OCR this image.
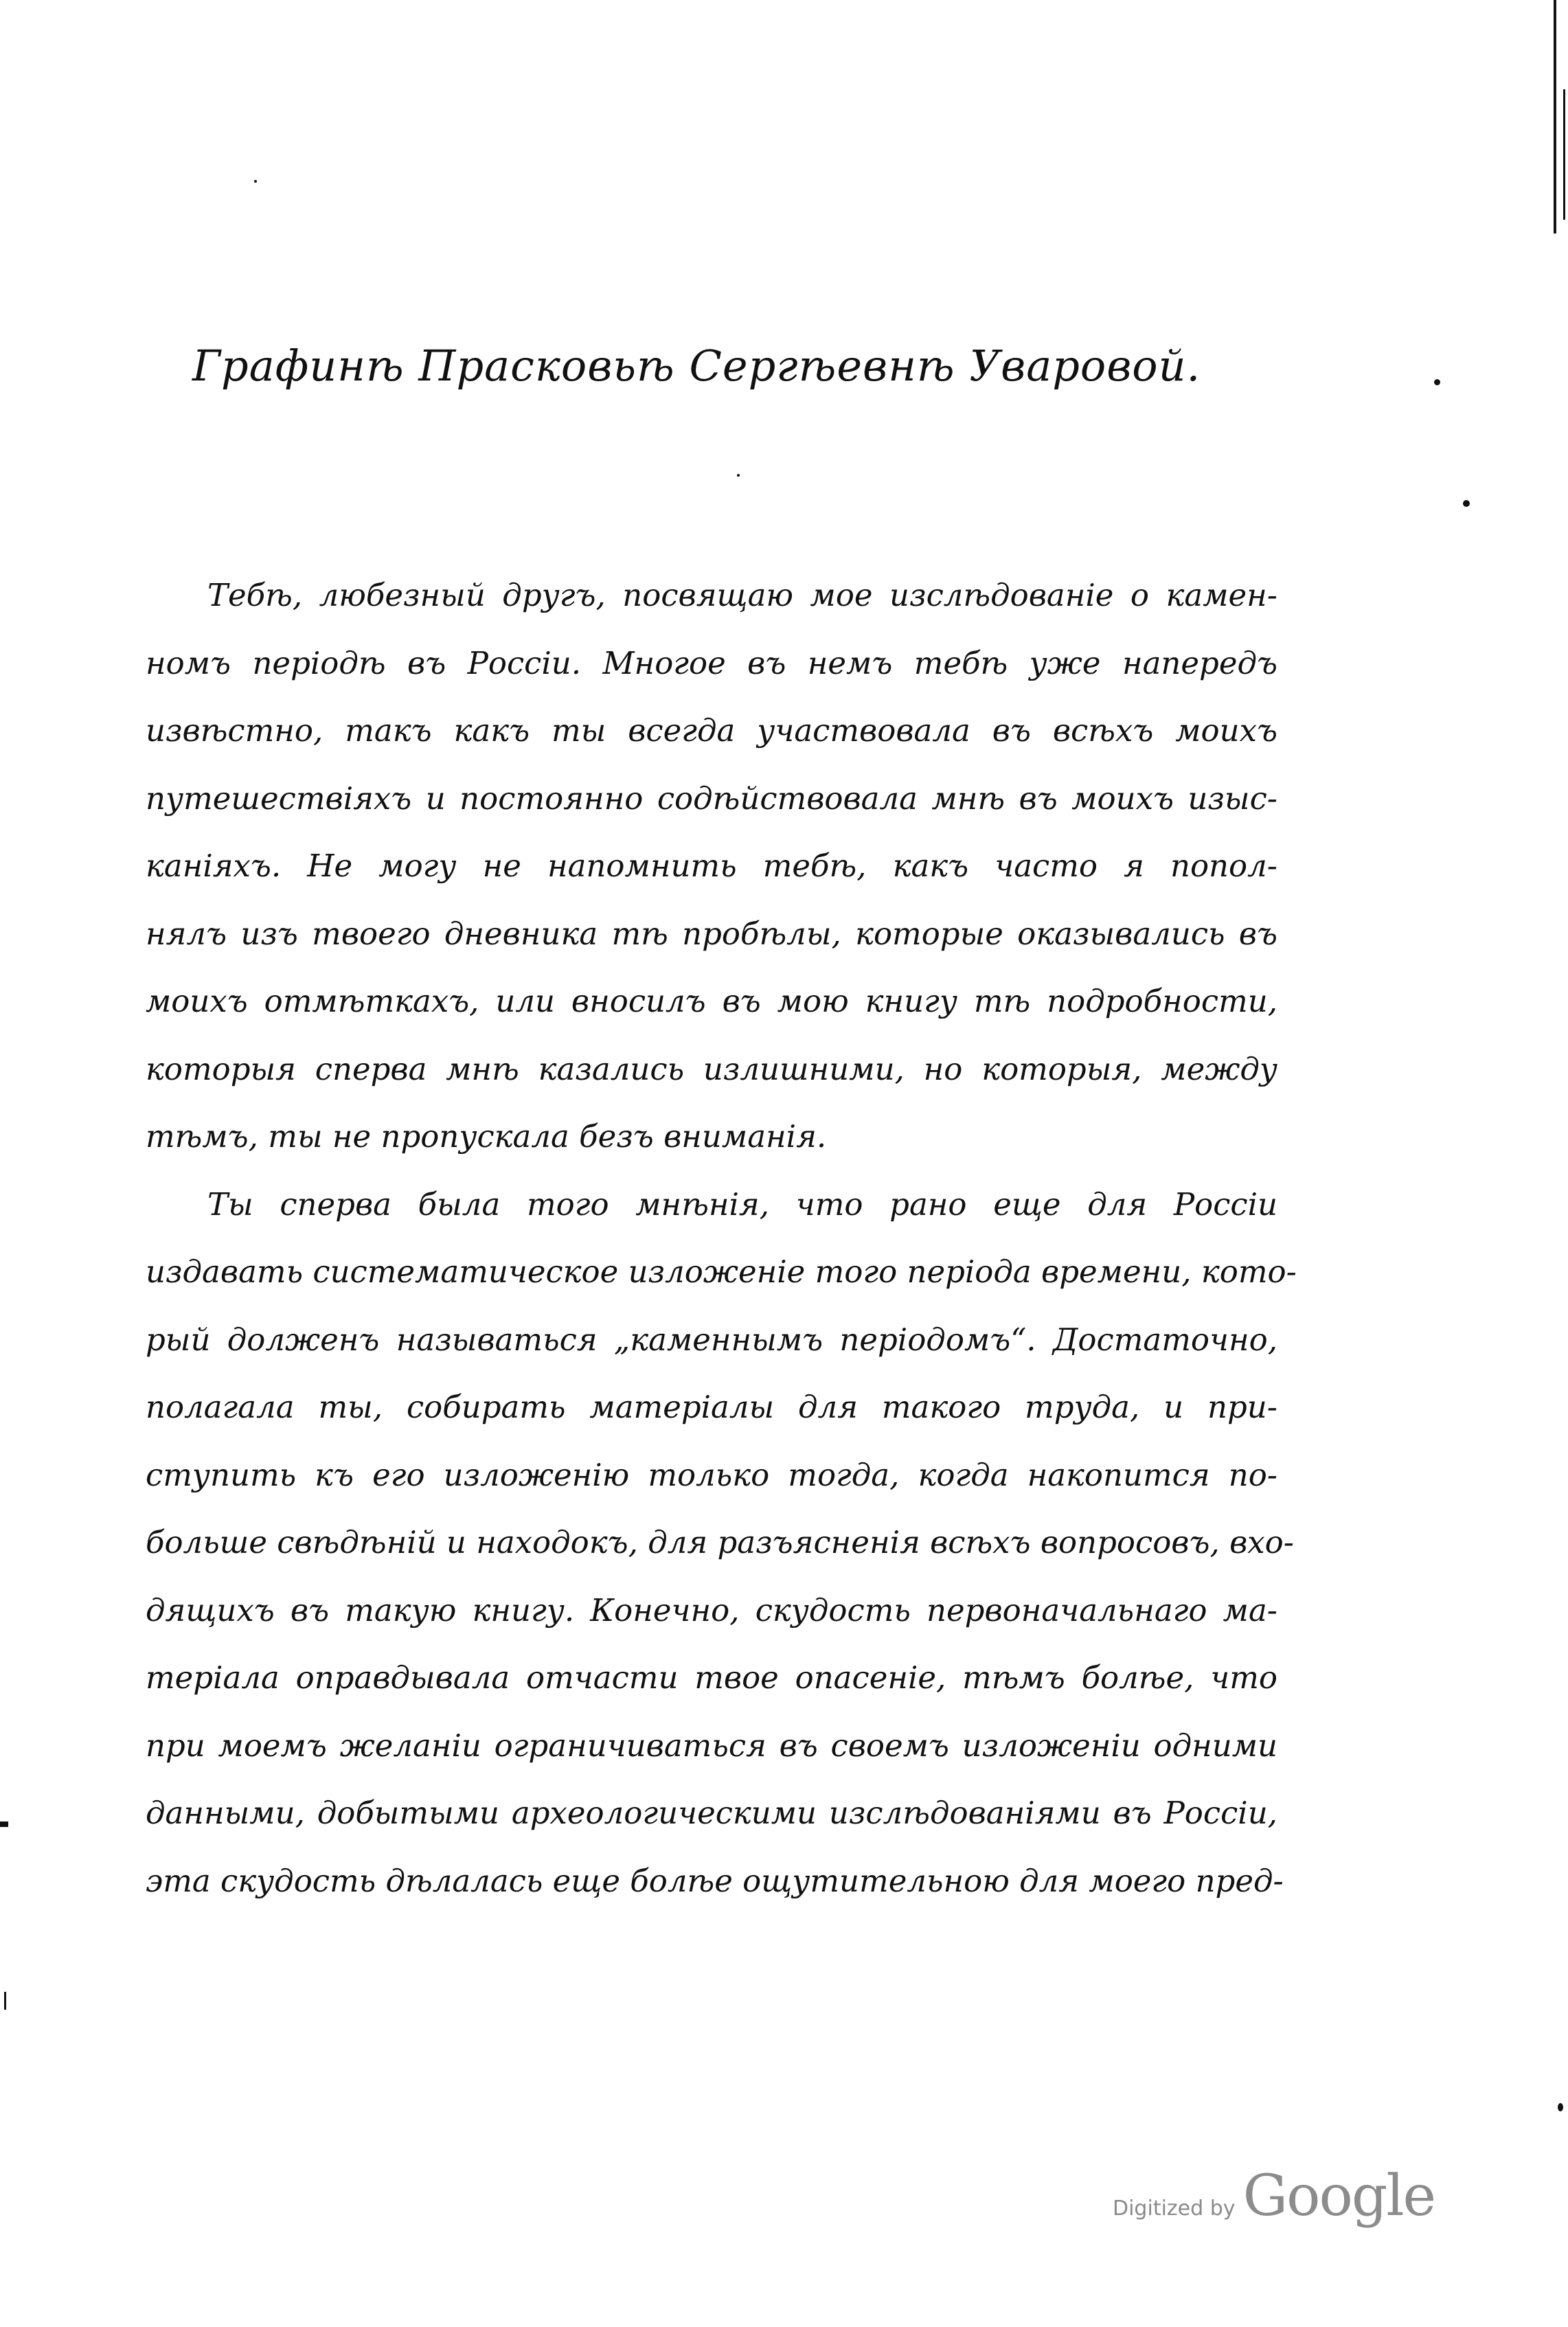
Графинѣ Прасковьѣ Сергѣевнѣ Уваровой.
Тебѣ, любезный другъ, посвящаю мое изслѣдованіе о камен-
номъ періодѣ въ Россіи. Многое въ немъ тебѣ уже напередъ
извѣстно, такъ какъ ты всегда участвовала въ всѣхъ моихъ
путешествіяхъ и постоянно содѣйствовала мнѣ въ моихъ изыс-
каніяхъ. Не могу не напомнить тебѣ, какъ часто я попол-
нялъ изъ твоего дневника тѣ пробѣлы, которые оказывались въ
моихъ отмѣткахъ, или вносилъ въ мою книгу тѣ подробности,
которыя сперва мнѣ казались излишними, но которыя, между
тѣмъ, ты не пропускала безъ вниманія.
Ты сперва была того мнѣнія, что рано еще для Россіи
издавать систематическое изложеніе того періода времени, кото-
рый долженъ называться „каменнымъ періодомъ“. Достаточно,
полагала ты, собирать матеріалы для такого труда, и при-
ступить къ его изложенію только тогда, когда накопится по-
больше свѣдѣній и находокъ, для разъясненія всѣхъ вопросовъ, вхо-
дящихъ въ такую книгу. Конечно, скудость первоначальнаго ма-
теріала оправдывала отчасти твое опасеніе, тѣмъ болѣе, что
при моемъ желаніи ограничиваться въ своемъ изложеніи одними
данными, добытыми археологическими изслѣдованіями въ Россіи,
эта скудость дѣлалась еще болѣе ощутительною для моего пред-
Digitized by Google
